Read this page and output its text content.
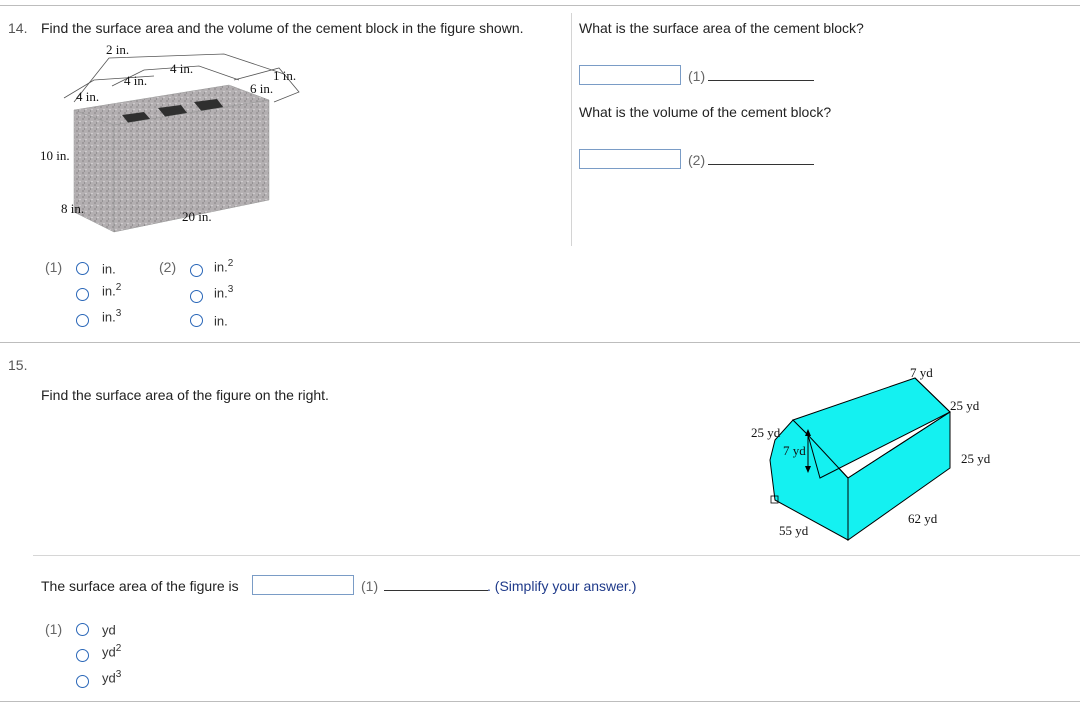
14. Find the surface area and the volume of the cement block in the figure shown.	What is the surface area of the cement block?
(1)
What is the volume of the cement block?
(2)
2 in.
4 in.
4 in.
4 in.
1 in.
6 in.
10 in.
8 in.
20 in.
(1)	in.
in.$^2$
in.$^3$
(2)	in.$^2$
in.$^3$
in.
15.
Find the surface area of the figure on the right.
7 yd
25 yd
25 yd
7 yd
25 yd
62 yd
55 yd
The surface area of the figure is	(1)	. (Simplify your answer.)
(1)	yd
$yd^2$
$yd^3$
